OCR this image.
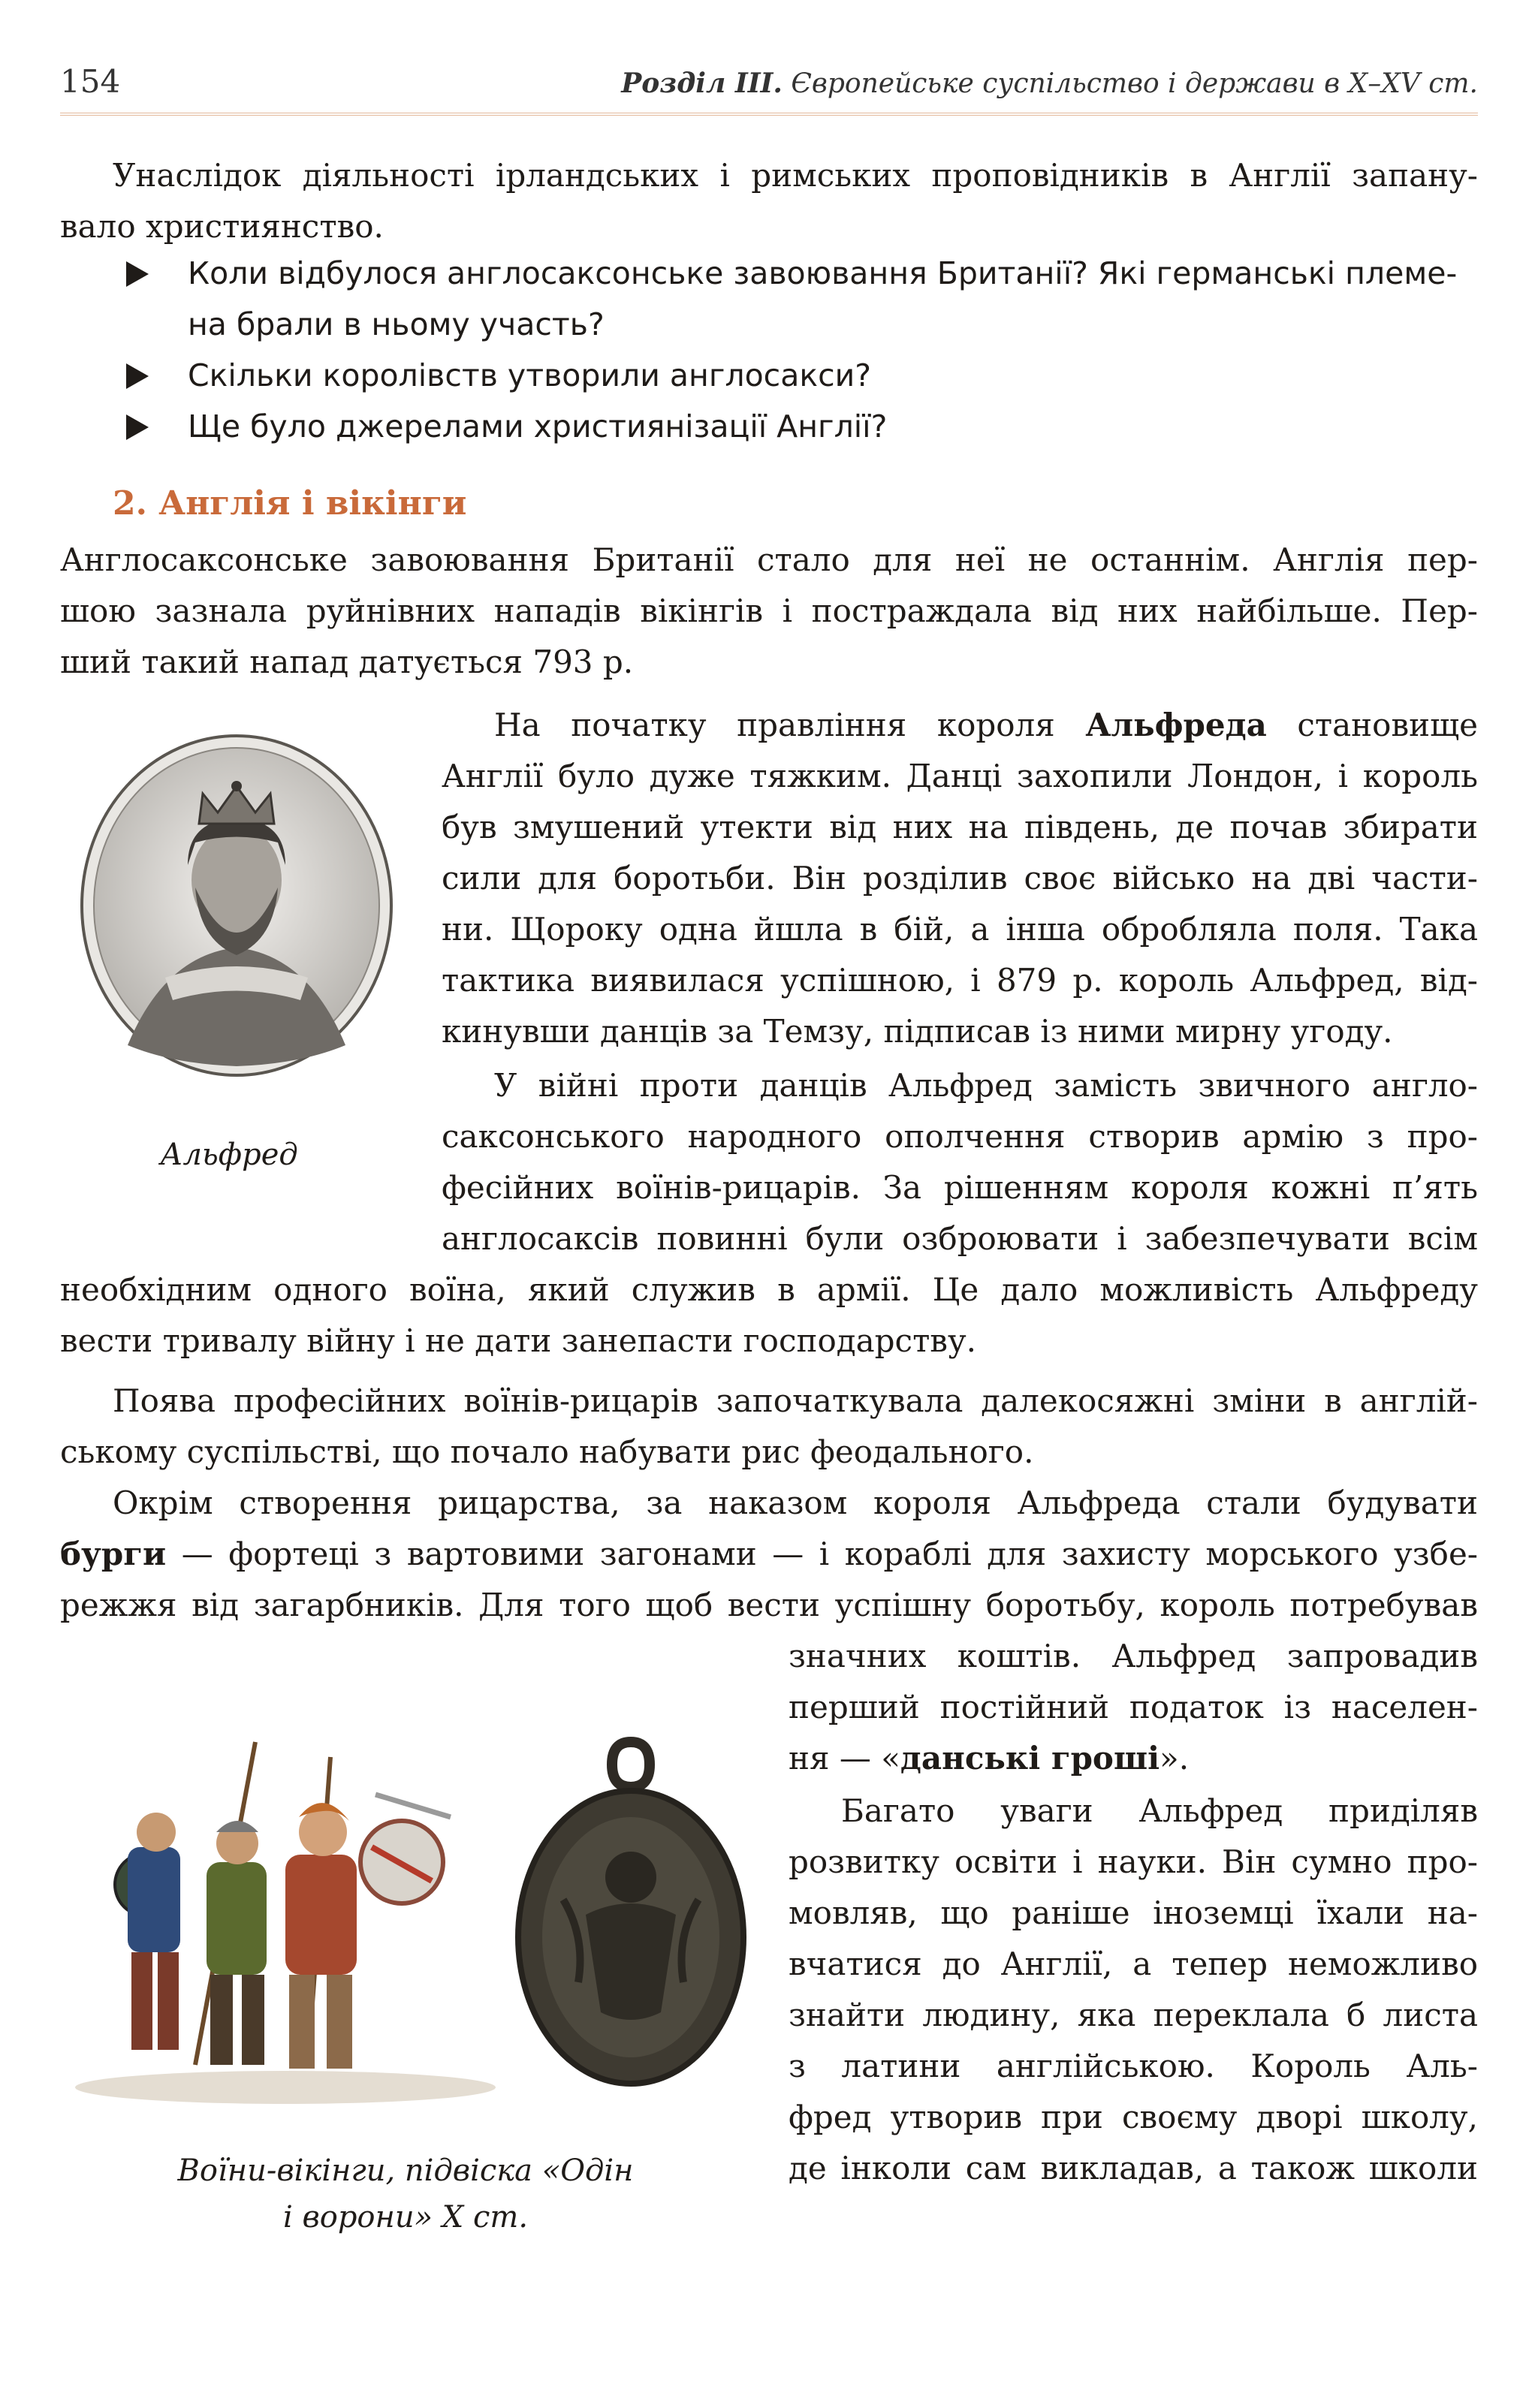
154	Розділ ІІІ. Європейське суспільство і держави в Х–XV ст.
Унаслідок діяльності ірландських і римських проповідників в Англії запану-
вало християнство.
Коли відбулося англосаксонське завоювання Британії? Які германські племе-
на брали в ньому участь?
Скільки королівств утворили англосакси?
Ще було джерелами християнізації Англії?
2. Англія і вікінги
Англосаксонське завоювання Британії стало для неї не останнім. Англія пер-
шою зазнала руйнівних нападів вікінгів і постраждала від них найбільше. Пер-
ший такий напад датується 793 р.
Альфред
На початку правління короля Альфреда становище
Англії було дуже тяжким. Данці захопили Лондон, і король
був змушений утекти від них на південь, де почав збирати
сили для боротьби. Він розділив своє військо на дві части-
ни. Щороку одна йшла в бій, а інша обробляла поля. Така
тактика виявилася успішною, і 879 р. король Альфред, від-
кинувши данців за Темзу, підписав із ними мирну угоду.
У війні проти данців Альфред замість звичного англо-
саксонського народного ополчення створив армію з про-
фесійних воїнів-рицарів. За рішенням короля кожні п’ять
англосаксів повинні були озброювати і забезпечувати всім
необхідним одного воїна, який служив в армії. Це дало можливість Альфреду
вести тривалу війну і не дати занепасти господарству.
Поява професійних воїнів-рицарів започаткувала далекосяжні зміни в англій-
ському суспільстві, що почало набувати рис феодального.
Окрім створення рицарства, за наказом короля Альфреда стали будувати
бурги — фортеці з вартовими загонами — і кораблі для захисту морського узбе-
режжя від загарбників. Для того щоб вести успішну боротьбу, король потребував
значних коштів. Альфред запровадив
перший постійний податок із населен-
ня — «данські гроші».
Багато уваги Альфред приділяв
розвитку освіти і науки. Він сумно про-
мовляв, що раніше іноземці їхали на-
вчатися до Англії, а тепер неможливо
знайти людину, яка переклала б листа
з латини англійською. Король Аль-
фред утворив при своєму дворі школу,
де інколи сам викладав, а також школи
Воїни-вікінги, підвіска «Одін
і ворони» Х ст.
